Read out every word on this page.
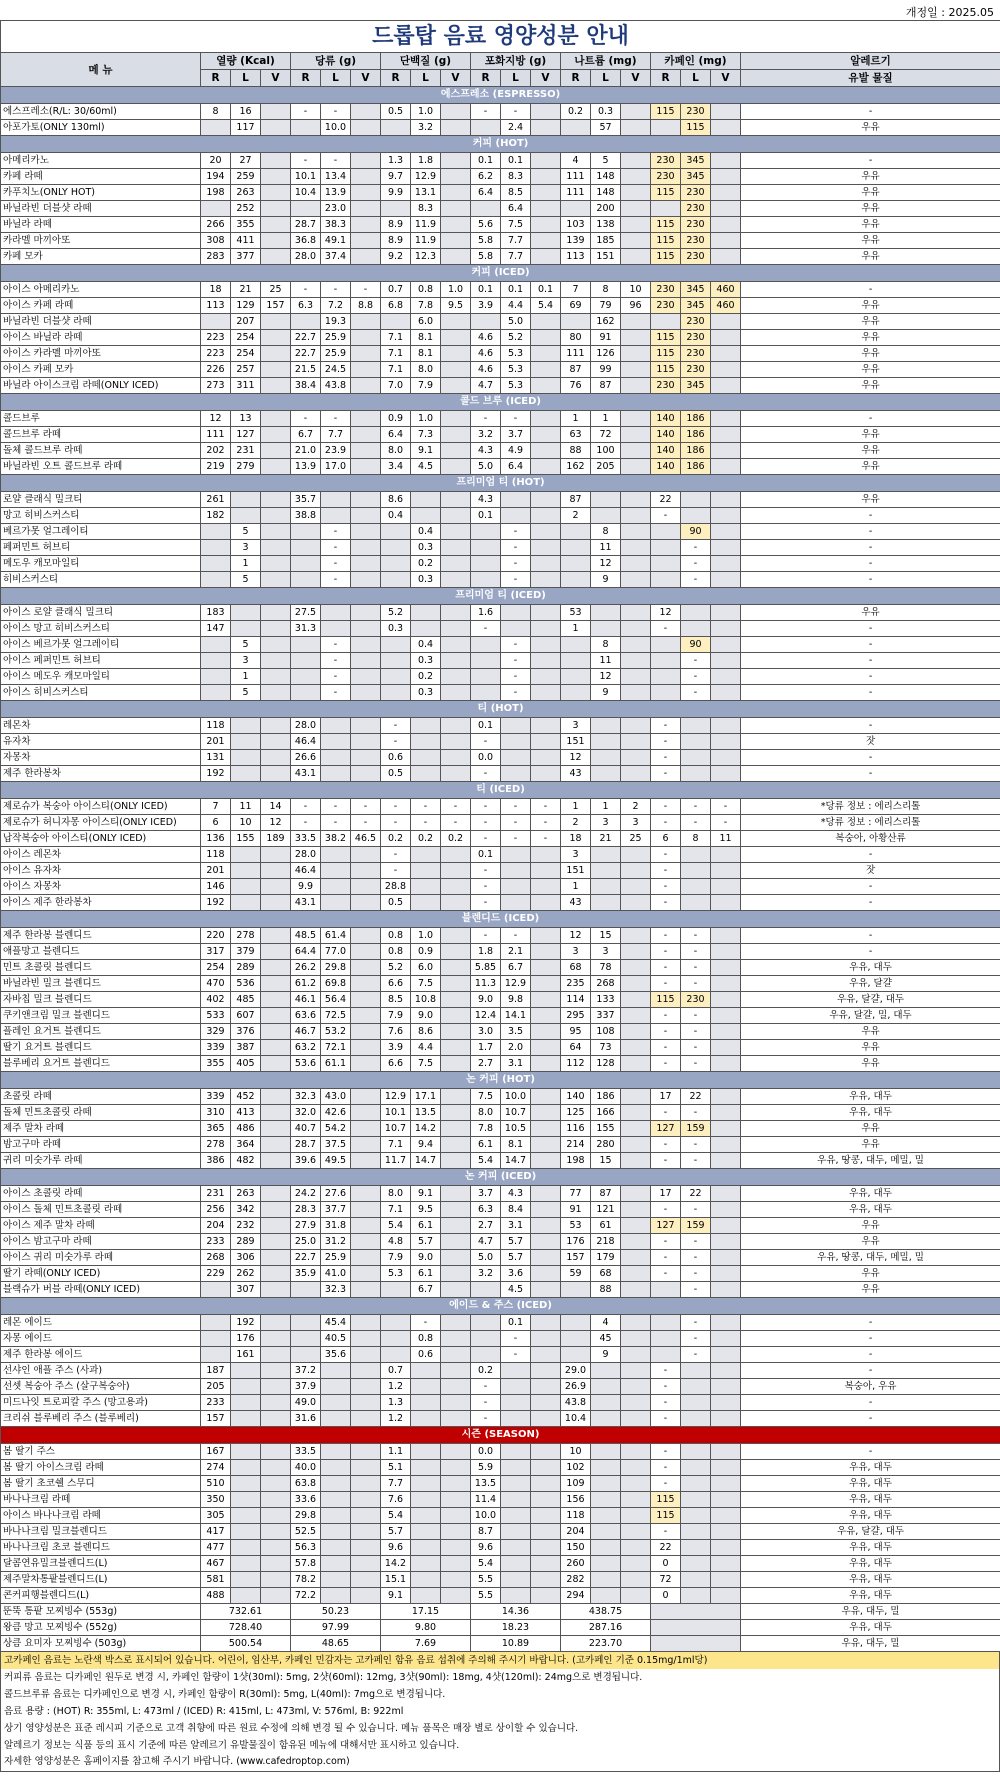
개정일 : 2025.05
드롭탑 음료 영양성분 안내																			
메 뉴	열량 (Kcal)			당류 (g)			단백질 (g)			포화지방 (g)			나트륨 (mg)			카페인 (mg)			알레르기
	R	L	V	R	L	V	R	L	V	R	L	V	R	L	V	R	L	V	유발 물질
에스프레소 (ESPRESSO)																			
에스프레소(R/L: 30/60ml)	8	16		-	-		0.5	1.0		-	-		0.2	0.3		115	230		-
아포가토(ONLY 130ml)		117			10.0			3.2			2.4			57			115		우유
커피 (HOT)																			
아메리카노	20	27		-	-		1.3	1.8		0.1	0.1		4	5		230	345		-
카페 라떼	194	259		10.1	13.4		9.7	12.9		6.2	8.3		111	148		230	345		우유
카푸치노(ONLY HOT)	198	263		10.4	13.9		9.9	13.1		6.4	8.5		111	148		115	230		우유
바닐라빈 더블샷 라떼		252			23.0			8.3			6.4			200			230		우유
바닐라 라떼	266	355		28.7	38.3		8.9	11.9		5.6	7.5		103	138		115	230		우유
카라멜 마끼아또	308	411		36.8	49.1		8.9	11.9		5.8	7.7		139	185		115	230		우유
카페 모카	283	377		28.0	37.4		9.2	12.3		5.8	7.7		113	151		115	230		우유
커피 (ICED)																			
아이스 아메리카노	18	21	25	-	-	-	0.7	0.8	1.0	0.1	0.1	0.1	7	8	10	230	345	460	-
아이스 카페 라떼	113	129	157	6.3	7.2	8.8	6.8	7.8	9.5	3.9	4.4	5.4	69	79	96	230	345	460	우유
바닐라빈 더블샷 라떼		207			19.3			6.0			5.0			162			230		우유
아이스 바닐라 라떼	223	254		22.7	25.9		7.1	8.1		4.6	5.2		80	91		115	230		우유
아이스 카라멜 마끼아또	223	254		22.7	25.9		7.1	8.1		4.6	5.3		111	126		115	230		우유
아이스 카페 모카	226	257		21.5	24.5		7.1	8.0		4.6	5.3		87	99		115	230		우유
바닐라 아이스크림 라떼(ONLY ICED)	273	311		38.4	43.8		7.0	7.9		4.7	5.3		76	87		230	345		우유
콜드 브루 (ICED)																			
콜드브루	12	13		-	-		0.9	1.0		-	-		1	1		140	186		-
콜드브루 라떼	111	127		6.7	7.7		6.4	7.3		3.2	3.7		63	72		140	186		우유
돌체 콜드브루 라떼	202	231		21.0	23.9		8.0	9.1		4.3	4.9		88	100		140	186		우유
바닐라빈 오트 콜드브루 라떼	219	279		13.9	17.0		3.4	4.5		5.0	6.4		162	205		140	186		우유
프리미엄 티 (HOT)																			
로얄 클래식 밀크티	261			35.7			8.6			4.3			87			22			우유
망고 히비스커스티	182			38.8			0.4			0.1			2			-			-
베르가못 얼그레이티		5			-			0.4			-			8			90		-
페퍼민트 허브티		3			-			0.3			-			11			-		-
메도우 캐모마일티		1			-			0.2			-			12			-		-
히비스커스티		5			-			0.3			-			9			-		-
프리미엄 티 (ICED)																			
아이스 로얄 클래식 밀크티	183			27.5			5.2			1.6			53			12			우유
아이스 망고 히비스커스티	147			31.3			0.3			-			1			-			-
아이스 베르가못 얼그레이티		5			-			0.4			-			8			90		-
아이스 페퍼민트 허브티		3			-			0.3			-			11			-		-
아이스 메도우 캐모마일티		1			-			0.2			-			12			-		-
아이스 히비스커스티		5			-			0.3			-			9			-		-
티 (HOT)																			
레몬차	118			28.0			-			0.1			3			-			-
유자차	201			46.4			-			-			151			-			잣
자몽차	131			26.6			0.6			0.0			12			-			-
제주 한라봉차	192			43.1			0.5			-			43			-			-
티 (ICED)																			
제로슈가 복숭아 아이스티(ONLY ICED)	7	11	14	-	-	-	-	-	-	-	-	-	1	1	2	-	-	-	*당류 정보 : 에리스리톨
제로슈가 허니자몽 아이스티(ONLY ICED)	6	10	12	-	-	-	-	-	-	-	-	-	2	3	3	-	-	-	*당류 정보 : 에리스리톨
납작복숭아 아이스티(ONLY ICED)	136	155	189	33.5	38.2	46.5	0.2	0.2	0.2	-	-	-	18	21	25	6	8	11	복숭아, 아황산류
아이스 레몬차	118			28.0			-			0.1			3			-			-
아이스 유자차	201			46.4			-			-			151			-			잣
아이스 자몽차	146			9.9			28.8			-			1			-			-
아이스 제주 한라봉차	192			43.1			0.5			-			43			-			-
블렌디드 (ICED)																			
제주 한라봉 블렌디드	220	278		48.5	61.4		0.8	1.0		-	-		12	15		-	-		-
애플망고 블렌디드	317	379		64.4	77.0		0.8	0.9		1.8	2.1		3	3		-	-		-
민트 초콜릿 블렌디드	254	289		26.2	29.8		5.2	6.0		5.85	6.7		68	78		-	-		우유, 대두
바닐라빈 밀크 블렌디드	470	536		61.2	69.8		6.6	7.5		11.3	12.9		235	268		-	-		우유, 달걀
자바칩 밀크 블렌디드	402	485		46.1	56.4		8.5	10.8		9.0	9.8		114	133		115	230		우유, 달걀, 대두
쿠키앤크림 밀크 블렌디드	533	607		63.6	72.5		7.9	9.0		12.4	14.1		295	337		-	-		우유, 달걀, 밀, 대두
플레인 요거트 블렌디드	329	376		46.7	53.2		7.6	8.6		3.0	3.5		95	108		-	-		우유
딸기 요거트 블렌디드	339	387		63.2	72.1		3.9	4.4		1.7	2.0		64	73		-	-		우유
블루베리 요거트 블렌디드	355	405		53.6	61.1		6.6	7.5		2.7	3.1		112	128		-	-		우유
논 커피 (HOT)																			
초콜릿 라떼	339	452		32.3	43.0		12.9	17.1		7.5	10.0		140	186		17	22		우유, 대두
돌체 민트초콜릿 라떼	310	413		32.0	42.6		10.1	13.5		8.0	10.7		125	166		-	-		우유, 대두
제주 말차 라떼	365	486		40.7	54.2		10.7	14.2		7.8	10.5		116	155		127	159		우유
밤고구마 라떼	278	364		28.7	37.5		7.1	9.4		6.1	8.1		214	280		-	-		우유
귀리 미숫가루 라떼	386	482		39.6	49.5		11.7	14.7		5.4	14.7		198	15		-	-		우유, 땅콩, 대두, 메밀, 밀
논 커피 (ICED)																			
아이스 초콜릿 라떼	231	263		24.2	27.6		8.0	9.1		3.7	4.3		77	87		17	22		우유, 대두
아이스 돌체 민트초콜릿 라떼	256	342		28.3	37.7		7.1	9.5		6.3	8.4		91	121		-	-		우유, 대두
아이스 제주 말차 라떼	204	232		27.9	31.8		5.4	6.1		2.7	3.1		53	61		127	159		우유
아이스 밤고구마 라떼	233	289		25.0	31.2		4.8	5.7		4.7	5.7		176	218		-	-		우유
아이스 귀리 미숫가루 라떼	268	306		22.7	25.9		7.9	9.0		5.0	5.7		157	179		-	-		우유, 땅콩, 대두, 메밀, 밀
딸기 라떼(ONLY ICED)	229	262		35.9	41.0		5.3	6.1		3.2	3.6		59	68		-	-		우유
블랙슈가 버블 라떼(ONLY ICED)		307			32.3			6.7			4.5			88			-		우유
에이드 & 주스 (ICED)																			
레몬 에이드		192			45.4			-			0.1			4			-		-
자몽 에이드		176			40.5			0.8			-			45			-		-
제주 한라봉 에이드		161			35.6			0.6			-			9			-		-
선샤인 애플 주스 (사과)	187			37.2			0.7			0.2			29.0			-			-
선셋 복숭아 주스 (살구복숭아)	205			37.9			1.2			-			26.9			-			복숭아, 우유
미드나잇 트로피칼 주스 (망고용과)	233			49.0			1.3			-			43.8			-			-
크리쉬 블루베리 주스 (블루베리)	157			31.6			1.2			-			10.4			-			-
시즌 (SEASON)																			
봄 딸기 주스	167			33.5			1.1			0.0			10			-			-
봄 딸기 아이스크림 라떼	274			40.0			5.1			5.9			102			-			우유, 대두
봄 딸기 초코쉘 스무디	510			63.8			7.7			13.5			109			-			우유, 대두
바나나크림 라떼	350			33.6			7.6			11.4			156			115			우유, 대두
아이스 바나나크림 라떼	305			29.8			5.4			10.0			118			115			우유, 대두
바나나크림 밀크블렌디드	417			52.5			5.7			8.7			204			-			우유, 달걀, 대두
바나나크림 초코 블렌디드	477			56.3			9.6			9.6			150			22			우유, 대두
달콤연유밀크블렌디드(L)	467			57.8			14.2			5.4			260			0			우유, 대두
제주말차통팥블렌디드(L)	581			78.2			15.1			5.5			282			72			우유, 대두
콘커피행블렌디드(L)	488			72.2			9.1			5.5			294			0			우유, 대두
뚠뚝 통팥 모찌빙수 (553g)	732.61			50.23			17.15			14.36			438.75						우유, 대두, 밀
왕큼 망고 모찌빙수 (552g)	728.40			97.99			9.80			18.23			287.16						우유, 대두
상큼 요미자 모찌빙수 (503g)	500.54			48.65			7.69			10.89			223.70						우유, 대두, 밀
고카페인 음료는 노란색 박스로 표시되어 있습니다. 어린이, 임산부, 카페인 민감자는 고카페인 함유 음료 섭취에 주의해 주시기 바랍니다. (고카페인 기준 0.15mg/1ml당)
커피류 음료는 디카페인 원두로 변경 시, 카페인 함량이 1샷(30ml): 5mg, 2샷(60ml): 12mg, 3샷(90ml): 18mg, 4샷(120ml): 24mg으로 변경됩니다.
콜드브루류 음료는 디카페인으로 변경 시, 카페인 함량이 R(30ml): 5mg, L(40ml): 7mg으로 변경됩니다.
음료 용량 : (HOT) R: 355ml, L: 473ml / (ICED) R: 415ml, L: 473ml, V: 576ml, B: 922ml
상기 영양성분은 표준 레시피 기준으로 고객 취향에 따른 원료 수정에 의해 변경 될 수 있습니다. 메뉴 품목은 매장 별로 상이할 수 있습니다.
알레르기 정보는 식품 등의 표시 기준에 따른 알레르기 유발물질이 함유된 메뉴에 대해서만 표시하고 있습니다.
자세한 영양성분은 홈페이지를 참고해 주시기 바랍니다. (www.cafedroptop.com)
